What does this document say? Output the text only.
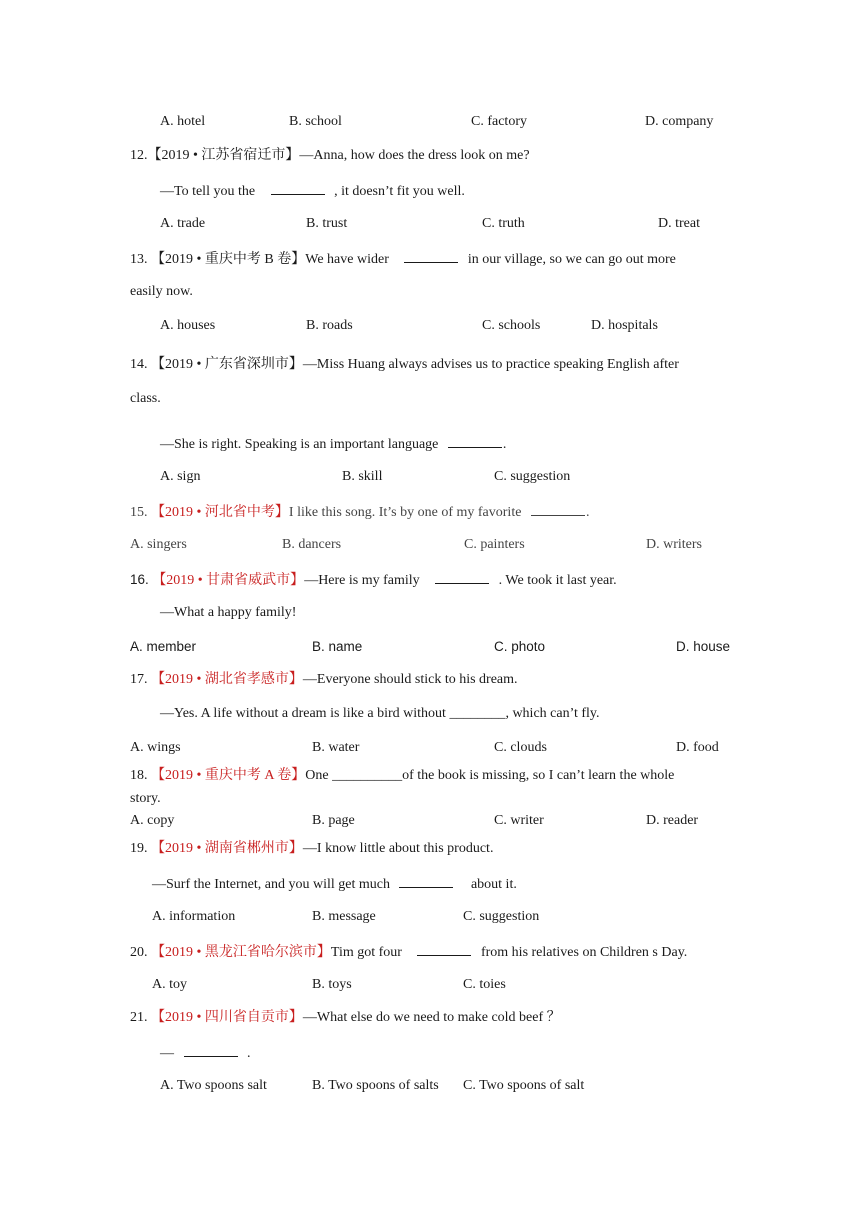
A. hotel	B. school	C. factory	D. company
12.【2019 • 江苏省宿迁市】—Anna, how does the dress look on me?
—To tell you the	, it doesn’t fit you well.
A. trade	B. trust	C. truth	D. treat
13. 【2019 • 重庆中考 B 卷】We have wider	in our village, so we can go out more
easily now.
A. houses	B. roads	C. schools	D. hospitals
14. 【2019 • 广东省深圳市】—Miss Huang always advises us to practice speaking English after
class.
—She is right. Speaking is an important language	.
A. sign	B. skill	C. suggestion
15. 【2019 • 河北省中考】I like this song. It’s by one of my favorite	.
A. singers	B. dancers	C. painters	D. writers
16. 【2019 • 甘肃省威武市】—Here is my family	. We took it last year.
—What a happy family!
A. member	B. name	C. photo	D. house
17. 【2019 • 湖北省孝感市】—Everyone should stick to his dream.
—Yes. A life without a dream is like a bird without ________, which can’t fly.
A. wings	B. water	C. clouds	D. food
18. 【2019 • 重庆中考 A 卷】One __________of the book is missing, so I can’t learn the whole
story.
A. copy	B. page	C. writer	D. reader
19. 【2019 • 湖南省郴州市】—I know little about this product.
—Surf the Internet, and you will get much	about it.
A. information	B. message	C. suggestion
20. 【2019 • 黑龙江省哈尔滨市】Tim got four	from his relatives on Children s Day.
A. toy	B. toys	C. toies
21. 【2019 • 四川省自贡市】—What else do we need to make cold beef ？
—	.
A. Two spoons salt	B. Two spoons of salts C. Two spoons of salt
